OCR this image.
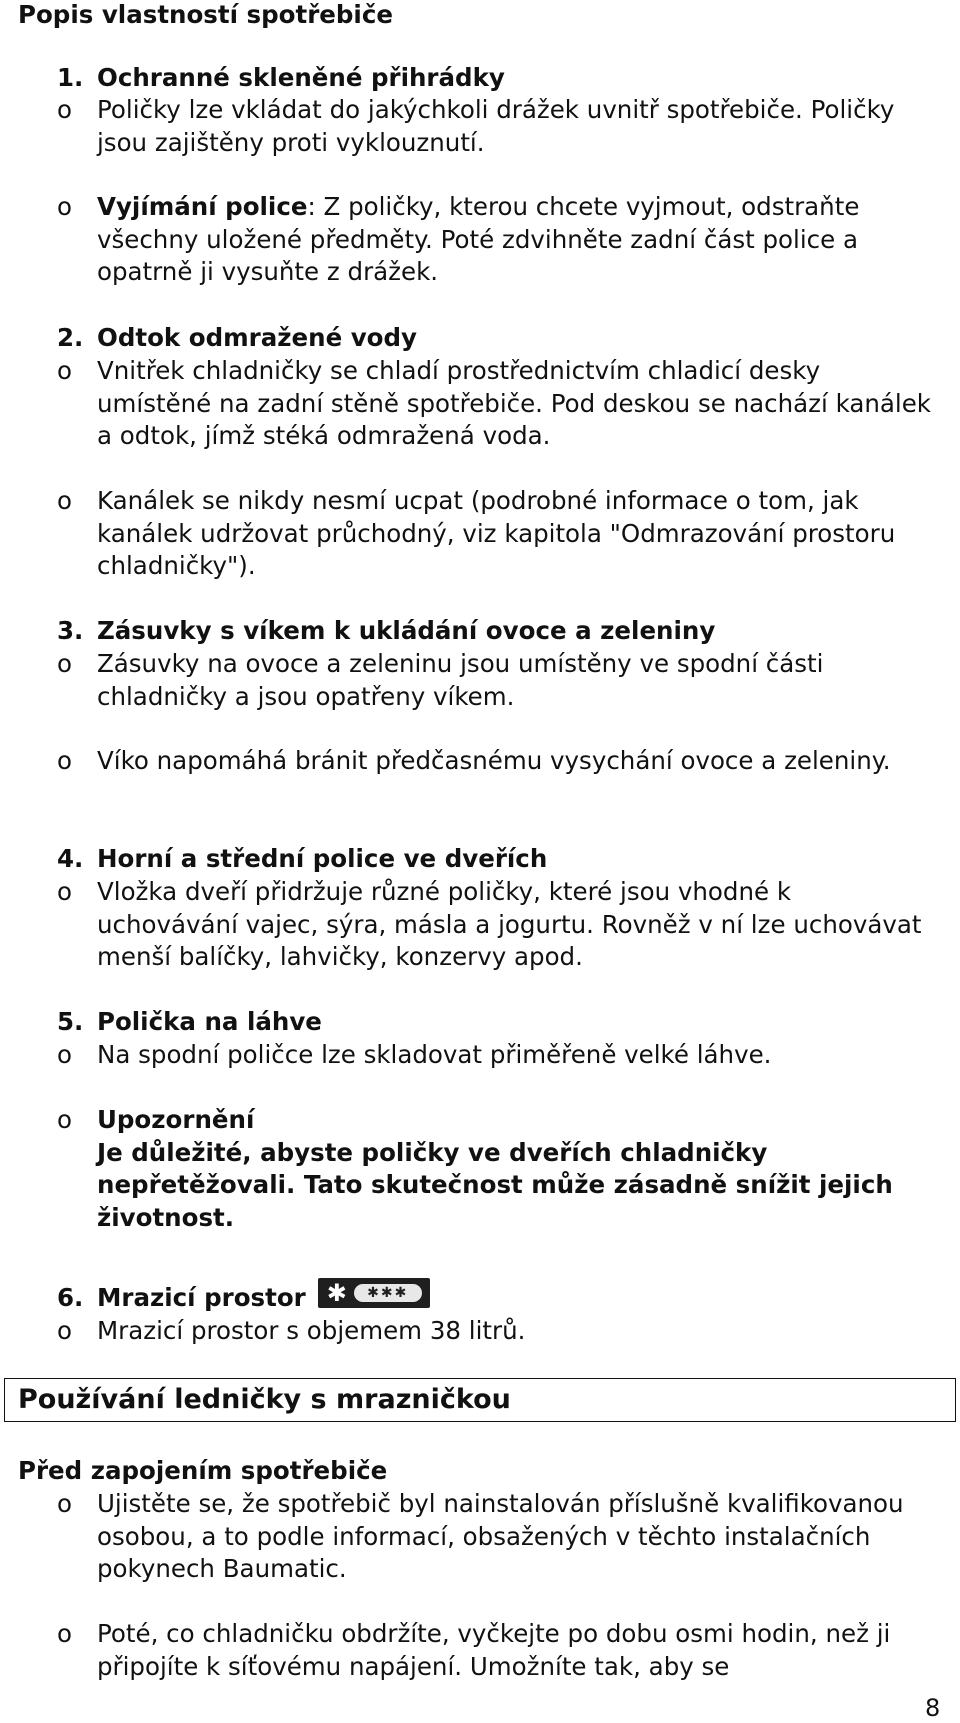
Popis vlastností spotřebiče
1. Ochranné skleněné přihrádky
o	Poličky lze vkládat do jakýchkoli drážek uvnitř spotřebiče. Poličky jsou zajištěny proti vyklouznutí.
o	Vyjímání police: Z poličky, kterou chcete vyjmout, odstraňte všechny uložené předměty. Poté zdvihněte zadní část police a opatrně ji vysuňte z drážek.
2. Odtok odmražené vody
o	Vnitřek chladničky se chladí prostřednictvím chladicí desky umístěné na zadní stěně spotřebiče. Pod deskou se nachází kanálek a odtok, jímž stéká odmražená voda.
o	Kanálek se nikdy nesmí ucpat (podrobné informace o tom, jak kanálek udržovat průchodný, viz kapitola "Odmrazování prostoru chladničky").
3. Zásuvky s víkem k ukládání ovoce a zeleniny
o	Zásuvky na ovoce a zeleninu jsou umístěny ve spodní části chladničky a jsou opatřeny víkem.
o	Víko napomáhá bránit předčasnému vysychání ovoce a zeleniny.
4. Horní a střední police ve dveřích
o	Vložka dveří přidržuje různé poličky, které jsou vhodné k uchovávání vajec, sýra, másla a jogurtu. Rovněž v ní lze uchovávat menší balíčky, lahvičky, konzervy apod.
5. Polička na láhve
o	Na spodní poličce lze skladovat přiměřeně velké láhve.
o	Upozornění
Je důležité, abyste poličky ve dveřích chladničky nepřetěžovali. Tato skutečnost může zásadně snížit jejich životnost.
6. Mrazicí prostor ✱	✱✱✱
o	Mrazicí prostor s objemem 38 litrů.
Používání ledničky s mrazničkou
Před zapojením spotřebiče
o	Ujistěte se, že spotřebič byl nainstalován příslušně kvalifikovanou osobou, a to podle informací, obsažených v těchto instalačních pokynech Baumatic.
o	Poté, co chladničku obdržíte, vyčkejte po dobu osmi hodin, než ji připojíte k síťovému napájení. Umožníte tak, aby se
8
